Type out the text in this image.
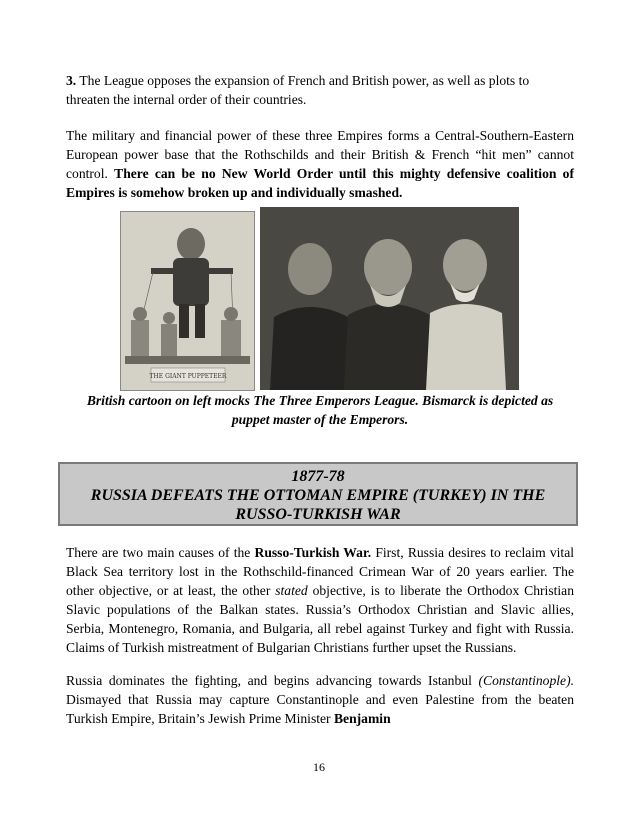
3. The League opposes the expansion of French and British power, as well as plots to threaten the internal order of their countries.

The military and financial power of these three Empires forms a Central-Southern-Eastern European power base that the Rothschilds and their British & French “hit men” cannot control. There can be no New World Order until this mighty defensive coalition of Empires is somehow broken up and individually smashed.

THE GIANT PUPPETEER

British cartoon on left mocks The Three Emperors League. Bismarck is depicted as

puppet master of the Emperors.

1877-78
RUSSIA DEFEATS THE OTTOMAN EMPIRE (TURKEY) IN THE
RUSSO-TURKISH WAR

There are two main causes of the Russo-Turkish War. First, Russia desires to reclaim vital Black Sea territory lost in the Rothschild-financed Crimean War of 20 years earlier. The other objective, or at least, the other stated objective, is to liberate the Orthodox Christian Slavic populations of the Balkan states. Russia’s Orthodox Christian and Slavic allies, Serbia, Montenegro, Romania, and Bulgaria, all rebel against Turkey and fight with Russia. Claims of Turkish mistreatment of Bulgarian Christians further upset the Russians.

Russia dominates the fighting, and begins advancing towards Istanbul (Constantinople). Dismayed that Russia may capture Constantinople and even Palestine from the beaten Turkish Empire, Britain’s Jewish Prime Minister Benjamin

16
